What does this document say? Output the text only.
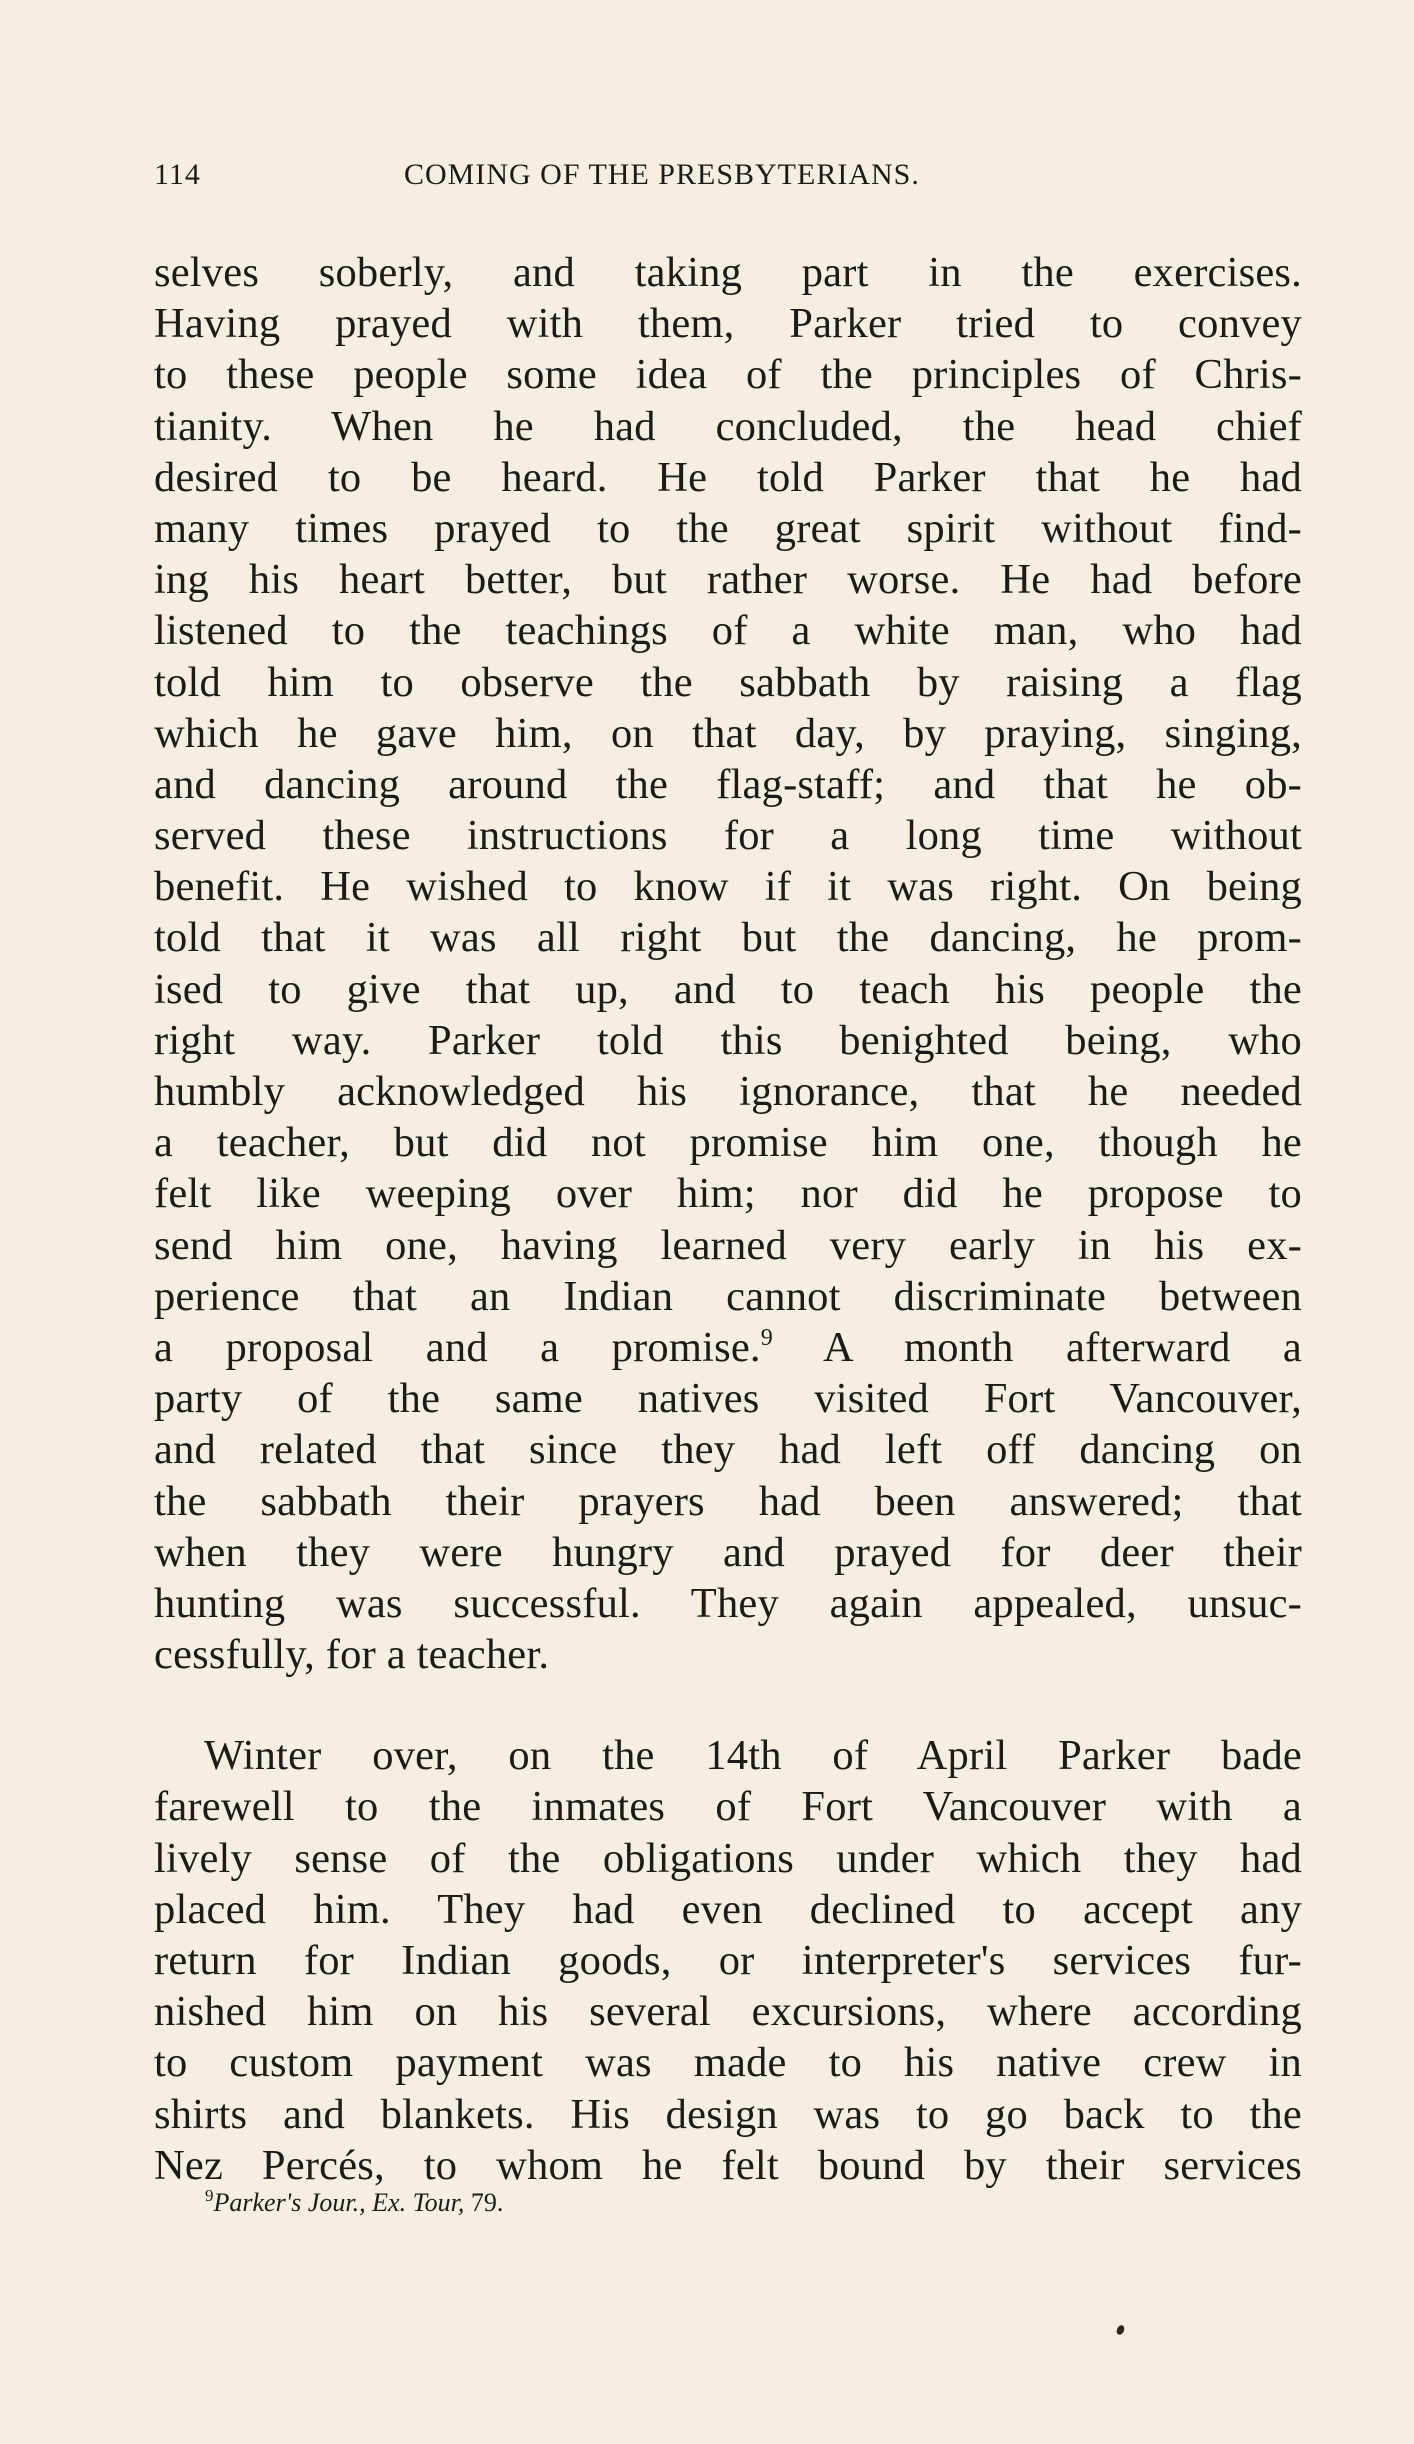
114	COMING OF THE PRESBYTERIANS.
selves soberly, and taking part in the exercises.
Having prayed with them, Parker tried to convey
to these people some idea of the principles of Chris-
tianity. When he had concluded, the head chief
desired to be heard. He told Parker that he had
many times prayed to the great spirit without find-
ing his heart better, but rather worse. He had before
listened to the teachings of a white man, who had
told him to observe the sabbath by raising a flag
which he gave him, on that day, by praying, singing,
and dancing around the flag-staff; and that he ob-
served these instructions for a long time without
benefit. He wished to know if it was right. On being
told that it was all right but the dancing, he prom-
ised to give that up, and to teach his people the
right way. Parker told this benighted being, who
humbly acknowledged his ignorance, that he needed
a teacher, but did not promise him one, though he
felt like weeping over him; nor did he propose to
send him one, having learned very early in his ex-
perience that an Indian cannot discriminate between
a proposal and a promise.$^9$ A month afterward a
party of the same natives visited Fort Vancouver,
and related that since they had left off dancing on
the sabbath their prayers had been answered; that
when they were hungry and prayed for deer their
hunting was successful. They again appealed, unsuc-
cessfully, for a teacher.
Winter over, on the 14th of April Parker bade
farewell to the inmates of Fort Vancouver with a
lively sense of the obligations under which they had
placed him. They had even declined to accept any
return for Indian goods, or interpreter's services fur-
nished him on his several excursions, where according
to custom payment was made to his native crew in
shirts and blankets. His design was to go back to the
Nez Percés, to whom he felt bound by their services
$^9$Parker's Jour., Ex. Tour, 79.
